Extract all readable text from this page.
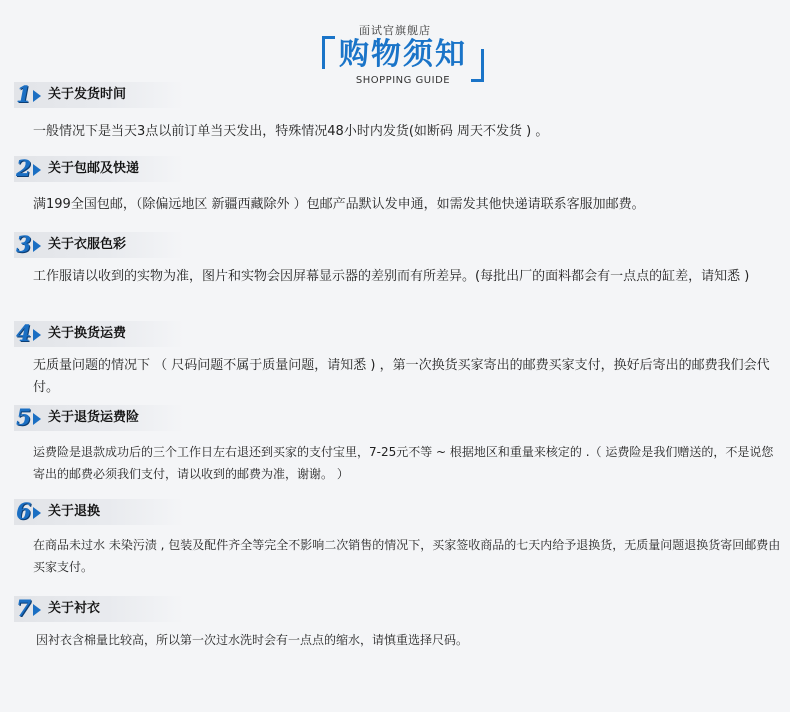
面试官旗舰店
购物须知
SHOPPING GUIDE
1	关于发货时间
一般情况下是当天3点以前订单当天发出，特殊情况48小时内发货(如断码 周天不发货 ) 。
2	关于包邮及快递
满199全国包邮，（除偏远地区 新疆西藏除外 ）包邮产品默认发申通，如需发其他快递请联系客服加邮费。
3	关于衣服色彩
工作服请以收到的实物为准，图片和实物会因屏幕显示器的差别而有所差异。(每批出厂的面料都会有一点点的缸差，请知悉 )
4	关于换货运费
无质量问题的情况下 （ 尺码问题不属于质量问题，请知悉 ) ，第一次换货买家寄出的邮费买家支付，换好后寄出的邮费我们会代付。
5	关于退货运费险
运费险是退款成功后的三个工作日左右退还到买家的支付宝里，7-25元不等 ~ 根据地区和重量来核定的 .（ 运费险是我们赠送的，不是说您寄出的邮费必须我们支付，请以收到的邮费为准，谢谢。 ）
6	关于退换
在商品未过水 未染污渍 , 包装及配件齐全等完全不影响二次销售的情况下，买家签收商品的七天内给予退换货，无质量问题退换货寄回邮费由买家支付。
7	关于衬衣
因衬衣含棉量比较高，所以第一次过水洗时会有一点点的缩水，请慎重选择尺码。
